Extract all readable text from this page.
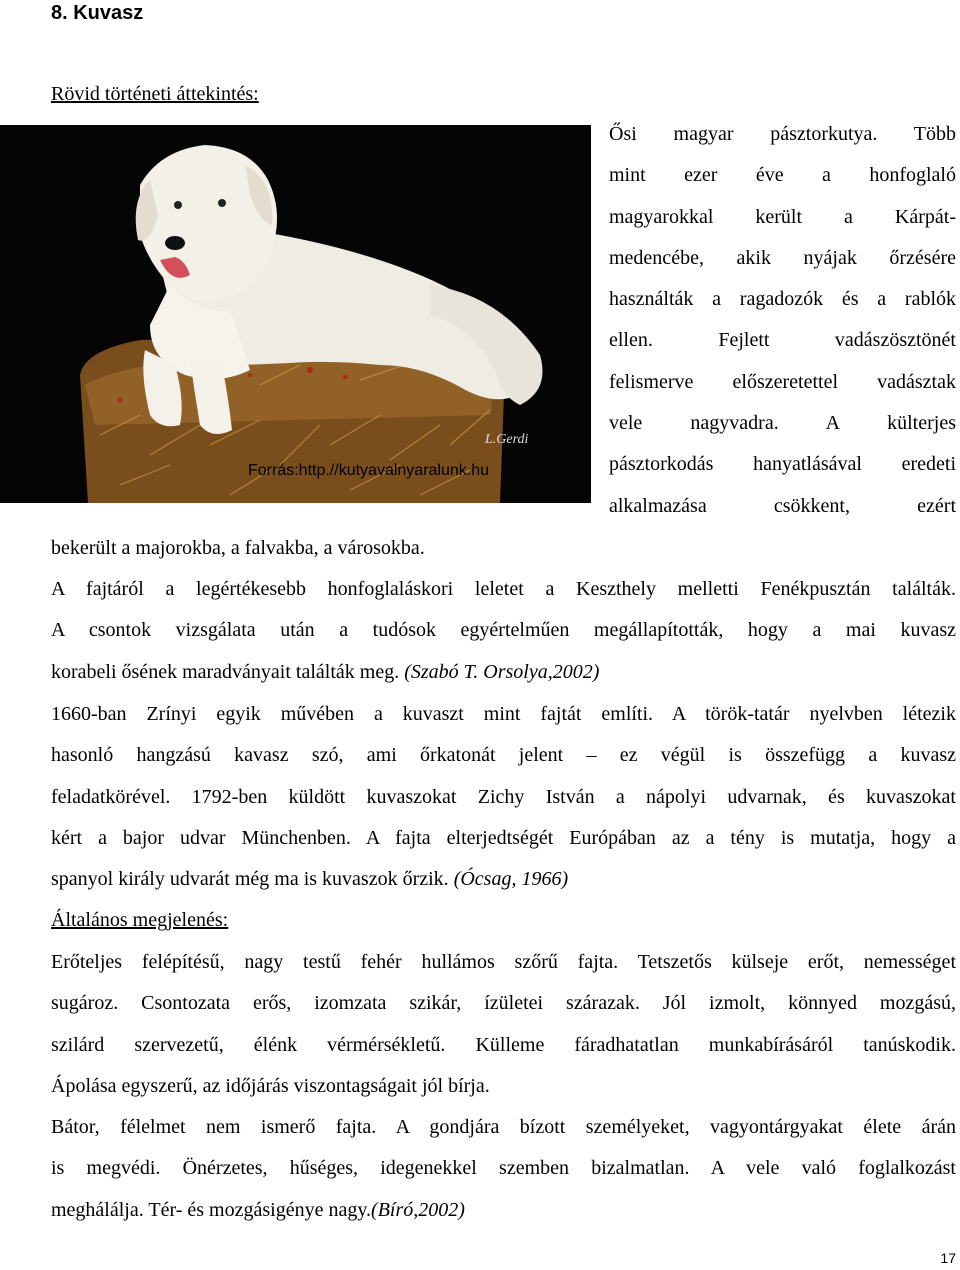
8. Kuvasz
Rövid történeti áttekintés:
L.Gerdi
Forrás:http.//kutyavalnyaralunk.hu
Ősi magyar pásztorkutya. Több
mint ezer éve a honfoglaló
magyarokkal került a Kárpát-
medencébe, akik nyájak őrzésére
használták a ragadozók és a rablók
ellen. Fejlett vadászösztönét
felismerve előszeretettel vadásztak
vele nagyvadra. A külterjes
pásztorkodás hanyatlásával eredeti
alkalmazása csökkent, ezért
bekerült a majorokba, a falvakba, a városokba.
A fajtáról a legértékesebb honfoglaláskori leletet a Keszthely melletti Fenékpusztán találták.
A csontok vizsgálata után a tudósok egyértelműen megállapították, hogy a mai kuvasz
korabeli ősének maradványait találták meg. (Szabó T. Orsolya,2002)
1660-ban Zrínyi egyik művében a kuvaszt mint fajtát említi. A török-tatár nyelvben létezik
hasonló hangzású kavasz szó, ami őrkatonát jelent – ez végül is összefügg a kuvasz
feladatkörével. 1792-ben küldött kuvaszokat Zichy István a nápolyi udvarnak, és kuvaszokat
kért a bajor udvar Münchenben. A fajta elterjedtségét Európában az a tény is mutatja, hogy a
spanyol király udvarát még ma is kuvaszok őrzik. (Ócsag, 1966)
Általános megjelenés:
Erőteljes felépítésű, nagy testű fehér hullámos szőrű fajta. Tetszetős külseje erőt, nemességet
sugároz. Csontozata erős, izomzata szikár, ízületei szárazak. Jól izmolt, könnyed mozgású,
szilárd szervezetű, élénk vérmérsékletű. Külleme fáradhatatlan munkabírásáról tanúskodik.
Ápolása egyszerű, az időjárás viszontagságait jól bírja.
Bátor, félelmet nem ismerő fajta. A gondjára bízott személyeket, vagyontárgyakat élete árán
is megvédi. Önérzetes, hűséges, idegenekkel szemben bizalmatlan. A vele való foglalkozást
meghálálja. Tér- és mozgásigénye nagy.(Bíró,2002)
17
